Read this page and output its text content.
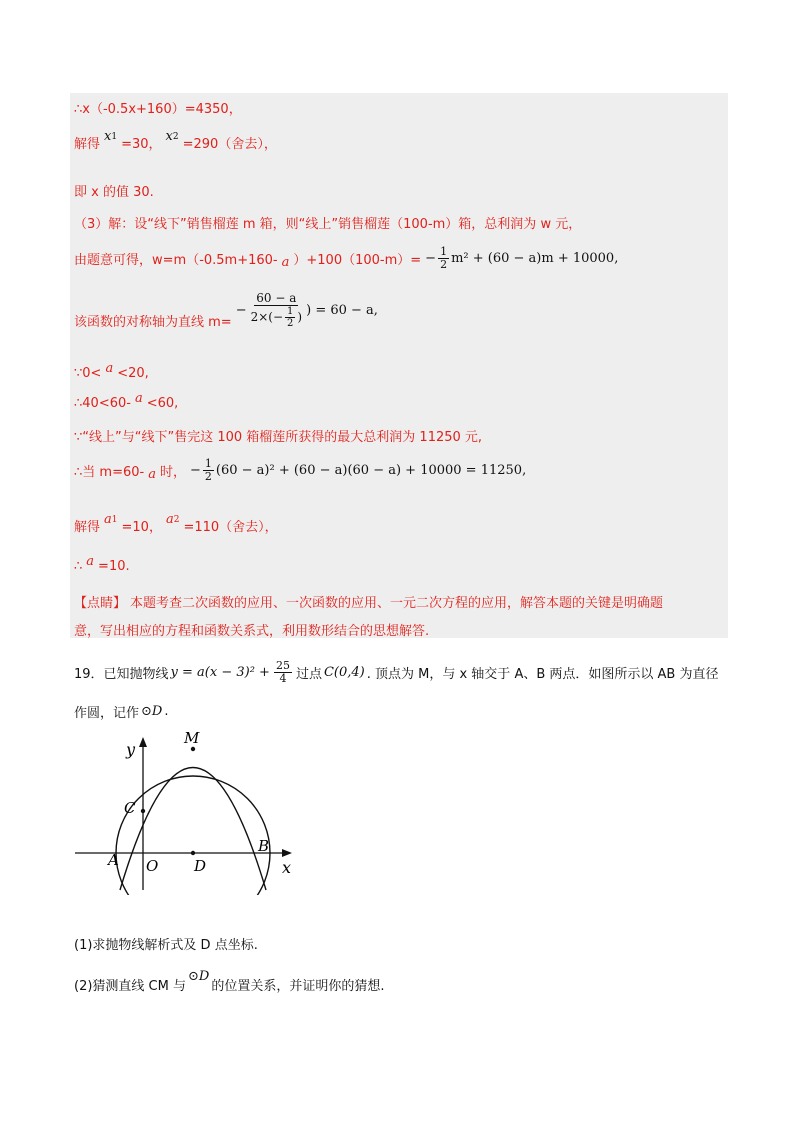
∴x（-0.5x+160）=4350，
解得
x 1
=30，
x 2
=290（舍去），
即 x 的值 30.
（3）解：设“线下”销售榴莲 m 箱，则“线上”销售榴莲（100-m）箱，总利润为 w 元，
由题意可得，w=m（-0.5m+160- a ）$+100(100-m)= - \frac{1}{2} m^2 + (60 - a)m + 10000$,
该函数的对称轴为直线 m=
− $\frac{60 - a}{2\times(- \frac{1}{2} )}$ ) = 60 − a,
∵0< a <20,
∴40<60- a <60,
∵“线上”与“线下”售完这 100 箱榴莲所获得的最大总利润为 11250 元,
∴当 m=60- a 时， − $\frac{1}{2} (60 - a)^2 + (60 - a)(60 - a) + 10000 = 11250$,
解得
a 1
=10，
a 2
=110（舍去），
∴ a =10.
【点睛】 本题考查二次函数的应用、一次函数的应用、一元二次方程的应用，解答本题的关键是明确题
意，写出相应的方程和函数关系式，利用数形结合的思想解答.
19．已知抛物线 $y = a(x - 3)^2 + \frac{25}{4}$ 过点 C(0,4) . 顶点为 M，与 x 轴交于 A、B 两点．如图所示以 AB 为直径
作圆，记作 ⊙D .
y
x
M
C
A O D
B
(1)求抛物线解析式及 D 点坐标.
(2)猜测直线 CM 与
⊙D
的位置关系，并证明你的猜想.
